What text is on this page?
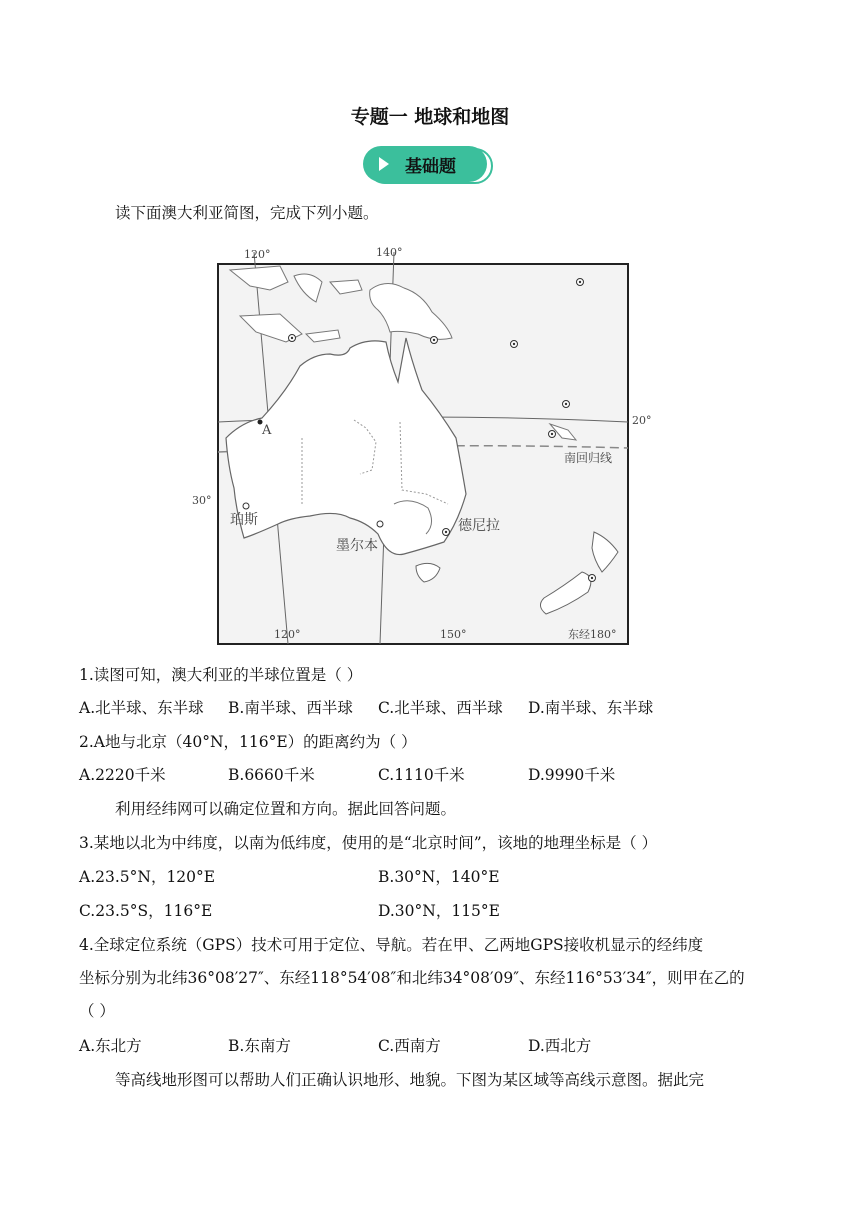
专题一 地球和地图
基础题
读下面澳大利亚简图，完成下列小题。
120°	140°
120°	150°	东经180°
20°
30°
A
南回归线
珀斯
墨尔本
德尼拉
1.读图可知，澳大利亚的半球位置是（ ）
A.北半球、东半球 B.南半球、西半球 C.北半球、西半球 D.南半球、东半球
2.A地与北京（40°N，116°E）的距离约为（ ）
A.2220千米	B.6660千米	C.1110千米	D.9990千米
利用经纬网可以确定位置和方向。据此回答问题。
3.某地以北为中纬度，以南为低纬度，使用的是“北京时间”，该地的地理坐标是（ ）
A.23.5°N，120°E	B.30°N，140°E
C.23.5°S，116°E	D.30°N，115°E
4.全球定位系统（GPS）技术可用于定位、导航。若在甲、乙两地GPS接收机显示的经纬度
坐标分别为北纬36°08′27″、东经118°54′08″和北纬34°08′09″、东经116°53′34″，则甲在乙的
（ ）
A.东北方	B.东南方	C.西南方	D.西北方
等高线地形图可以帮助人们正确认识地形、地貌。下图为某区域等高线示意图。据此完
